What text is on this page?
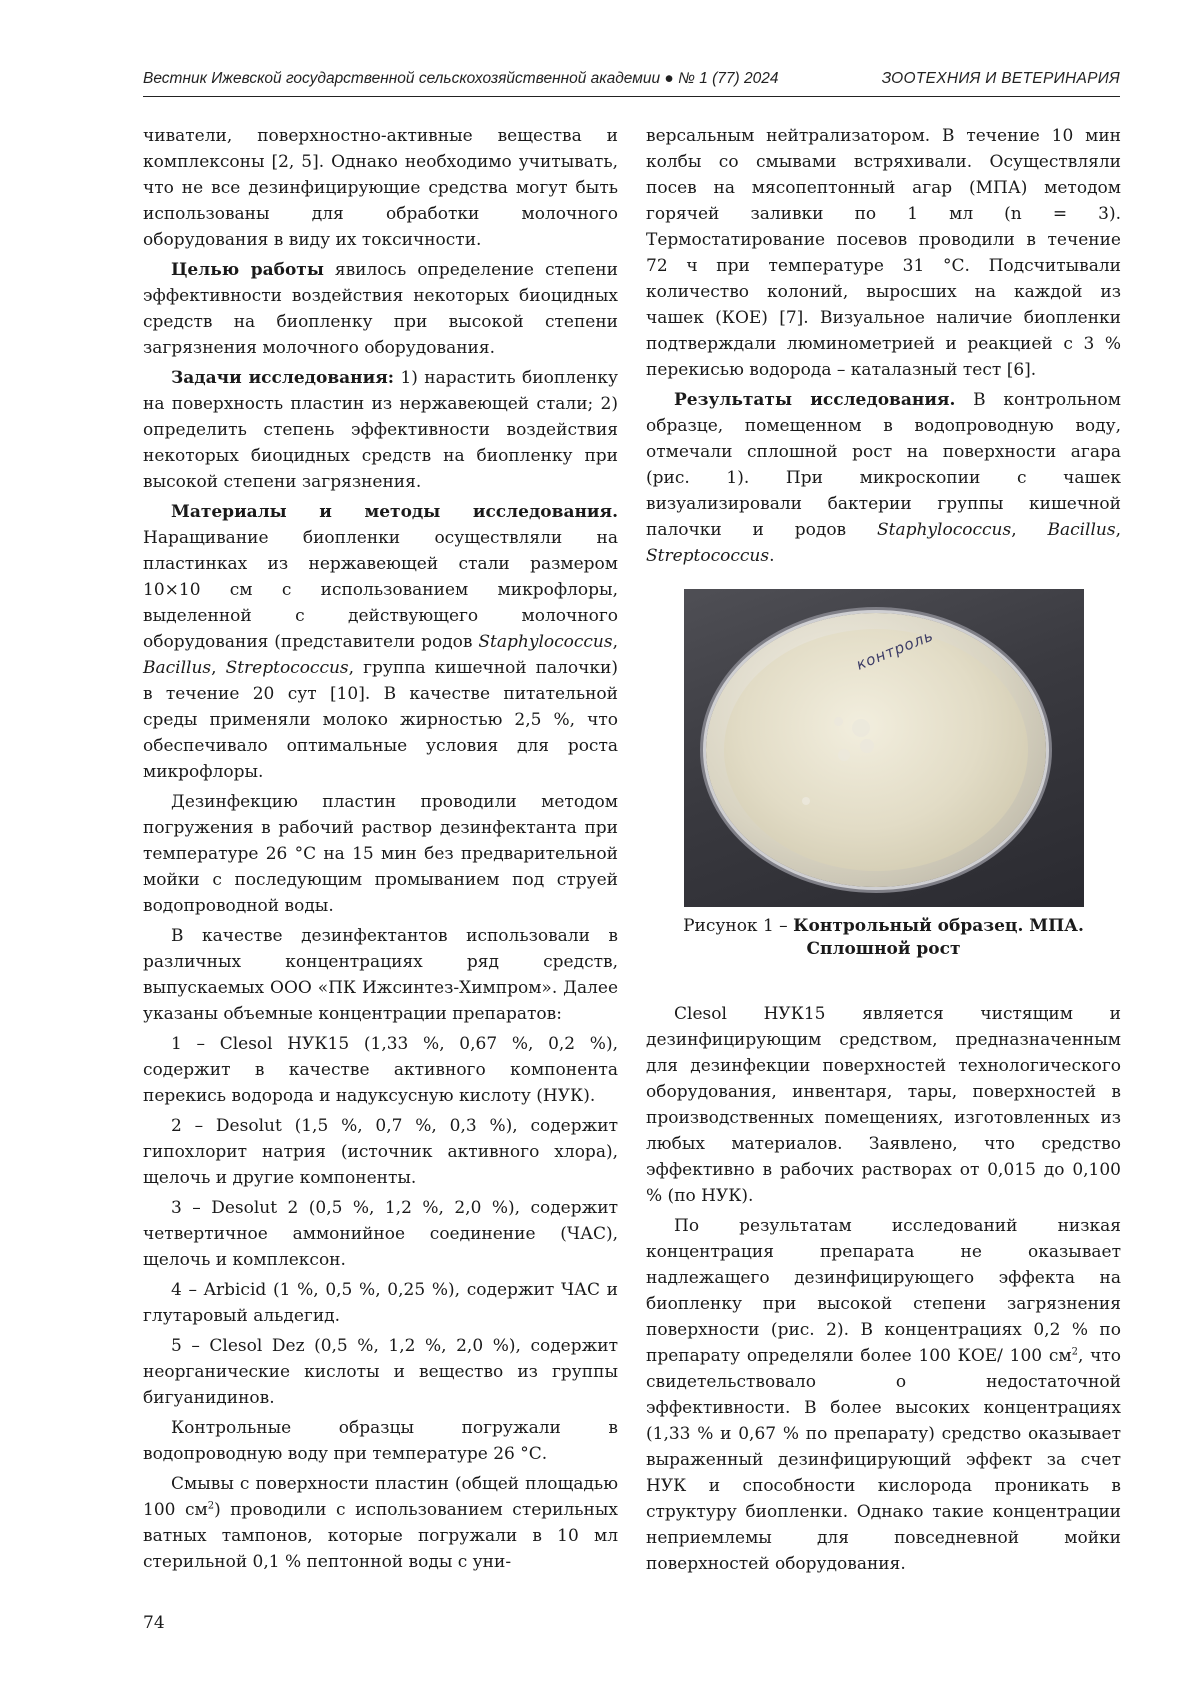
Вестник Ижевской государственной сельскохозяйственной академии ● № 1 (77) 2024	ЗООТЕХНИЯ И ВЕТЕРИНАРИЯ

чиватели, поверхностно-активные вещества и комплексоны [2, 5]. Однако необходимо учитывать, что не все дезинфицирующие средства могут быть использованы для обработки молочного оборудования в виду их токсичности.

Целью работы явилось определение степени эффективности воздействия некоторых биоцидных средств на биопленку при высокой степени загрязнения молочного оборудования.

Задачи исследования: 1) нарастить биопленку на поверхность пластин из нержавеющей стали; 2) определить степень эффективности воздействия некоторых биоцидных средств на биопленку при высокой степени загрязнения.

Материалы и методы исследования. Наращивание биопленки осуществляли на пластинках из нержавеющей стали размером 10×10 см с использованием микрофлоры, выделенной с действующего молочного оборудования (представители родов Staphylococcus, Bacillus, Streptococcus, группа кишечной палочки) в течение 20 сут [10]. В качестве питательной среды применяли молоко жирностью 2,5 %, что обеспечивало оптимальные условия для роста микрофлоры.

Дезинфекцию пластин проводили методом погружения в рабочий раствор дезинфектанта при температуре 26 °С на 15 мин без предварительной мойки с последующим промыванием под струей водопроводной воды.

В качестве дезинфектантов использовали в различных концентрациях ряд средств, выпускаемых ООО «ПК Ижсинтез-Химпром». Далее указаны объемные концентрации препаратов:

1 – Clesol НУК15 (1,33 %, 0,67 %, 0,2 %), содержит в качестве активного компонента перекись водорода и надуксусную кислоту (НУК).

2 – Desolut (1,5 %, 0,7 %, 0,3 %), содержит гипохлорит натрия (источник активного хлора), щелочь и другие компоненты.

3 – Desolut 2 (0,5 %, 1,2 %, 2,0 %), содержит четвертичное аммонийное соединение (ЧАС), щелочь и комплексон.

4 – Arbicid (1 %, 0,5 %, 0,25 %), содержит ЧАС и глутаровый альдегид.

5 – Clesol Dez (0,5 %, 1,2 %, 2,0 %), содержит неорганические кислоты и вещество из группы бигуанидинов.

Контрольные образцы погружали в водопроводную воду при температуре 26 °С.

Смывы с поверхности пластин (общей площадью 100 $см^2$) проводили с использованием стерильных ватных тампонов, которые погружали в 10 мл стерильной 0,1 % пептонной воды с уни-

версальным нейтрализатором. В течение 10 мин колбы со смывами встряхивали. Осуществляли посев на мясопептонный агар (МПА) методом горячей заливки по 1 мл (n = 3). Термостатирование посевов проводили в течение 72 ч при температуре 31 °С. Подсчитывали количество колоний, выросших на каждой из чашек (КОЕ) [7]. Визуальное наличие биопленки подтверждали люминометрией и реакцией с 3 % перекисью водорода – каталазный тест [6].

Результаты исследования. В контрольном образце, помещенном в водопроводную воду, отмечали сплошной рост на поверхности агара (рис. 1). При микроскопии с чашек визуализировали бактерии группы кишечной палочки и родов Staphylococcus, Bacillus, Streptococcus.

контроль
Рисунок 1 – Контрольный образец. МПА. Сплошной рост

Clesol НУК15 является чистящим и дезинфицирующим средством, предназначенным для дезинфекции поверхностей технологического оборудования, инвентаря, тары, поверхностей в производственных помещениях, изготовленных из любых материалов. Заявлено, что средство эффективно в рабочих растворах от 0,015 до 0,100 % (по НУК).

По результатам исследований низкая концентрация препарата не оказывает надлежащего дезинфицирующего эффекта на биопленку при высокой степени загрязнения поверхности (рис. 2). В концентрациях 0,2 % по препарату определяли более 100 КОЕ/ 100 $см^2$, что свидетельствовало о недостаточной эффективности. В более высоких концентрациях (1,33 % и 0,67 % по препарату) средство оказывает выраженный дезинфицирующий эффект за счет НУК и способности кислорода проникать в структуру биопленки. Однако такие концентрации неприемлемы для повседневной мойки поверхностей оборудования.

74
